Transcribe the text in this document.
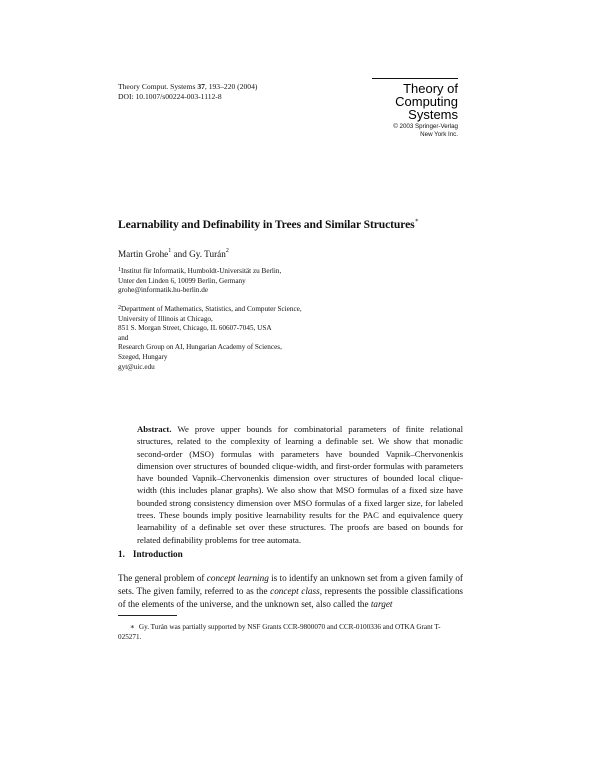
Theory Comput. Systems 37, 193–220 (2004)
DOI: 10.1007/s00224-003-1112-8
Theory of
Computing
Systems
© 2003 Springer-Verlag
New York Inc.
Learnability and Definability in Trees and Similar Structures∗
Martin Grohe$^1$ and Gy. Turán$^2$
$^1$Institut für Informatik, Humboldt-Universität zu Berlin,
Unter den Linden 6, 10099 Berlin, Germany
grohe@informatik.hu-berlin.de
$^2$Department of Mathematics, Statistics, and Computer Science,
University of Illinois at Chicago,
851 S. Morgan Street, Chicago, IL 60607-7045, USA
and
Research Group on AI, Hungarian Academy of Sciences,
Szeged, Hungary
gyt@uic.edu
Abstract. We prove upper bounds for combinatorial parameters of finite relational structures, related to the complexity of learning a definable set. We show that monadic second-order (MSO) formulas with parameters have bounded Vapnik–Chervonenkis dimension over structures of bounded clique-width, and first-order formulas with parameters have bounded Vapnik–Chervonenkis dimension over structures of bounded local clique-width (this includes planar graphs). We also show that MSO formulas of a fixed size have bounded strong consistency dimension over MSO formulas of a fixed larger size, for labeled trees. These bounds imply positive learnability results for the PAC and equivalence query learnability of a definable set over these structures. The proofs are based on bounds for related definability problems for tree automata.
1. Introduction
The general problem of concept learning is to identify an unknown set from a given family of sets. The given family, referred to as the concept class, represents the possible classifications of the elements of the universe, and the unknown set, also called the target
∗ Gy. Turán was partially supported by NSF Grants CCR-9800070 and CCR-0100336 and OTKA Grant T-025271.
